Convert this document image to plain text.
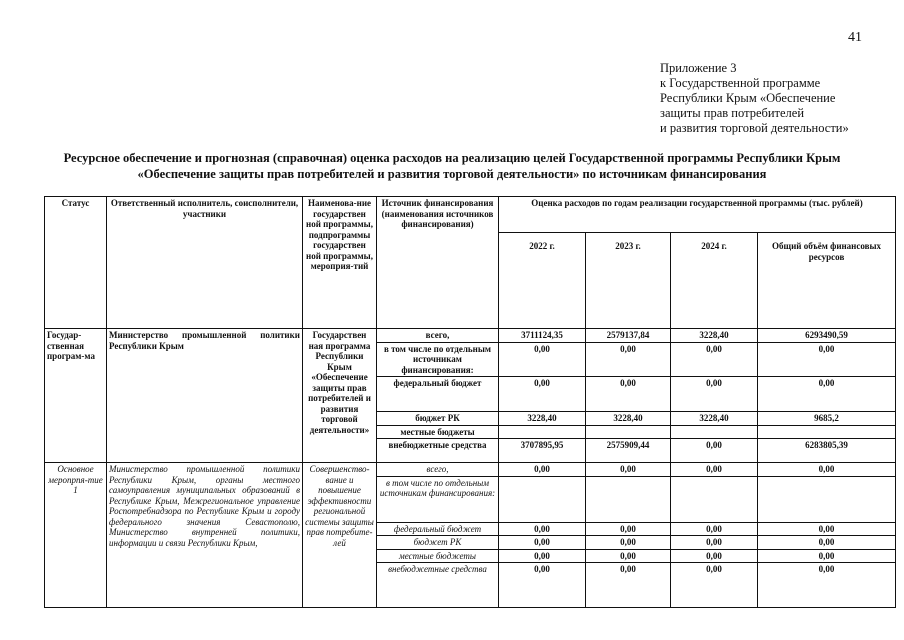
41
Приложение 3
к Государственной программе
Республики Крым «Обеспечение
защиты прав потребителей
и развития торговой деятельности»
Ресурсное обеспечение и прогнозная (справочная) оценка расходов на реализацию целей Государственной программы Республики Крым
«Обеспечение защиты прав потребителей и развития торговой деятельности» по источникам финансирования
Статус	Ответственный исполнитель, соисполнители, участники	Наименова-ние государствен ной программы, подпрограммы государствен ной программы, мероприя-тий	Источник финансирования (наименования источников финансирования)	Оценка расходов по годам реализации государственной программы (тыс. рублей)			
				2022 г.	2023 г.	2024 г.	Общий объём финансовых ресурсов
Государ-ственная програм-ма	Министерство промышленной политики Республики Крым	Государствен ная программа Республики Крым «Обеспечение защиты прав потребителей и развития торговой деятельности»	всего,	3711124,35	2579137,84	3228,40	6293490,59
			в том числе по отдельным источникам финансирования:	0,00	0,00	0,00	0,00
			федеральный бюджет	0,00	0,00	0,00	0,00
			бюджет РК	3228,40	3228,40	3228,40	9685,2
			местные бюджеты				
			внебюджетные средства	3707895,95	2575909,44	0,00	6283805,39
Основное меропрпя-тие 1	Министерство промышленной политики Республики Крым, органы местного самоуправления муниципальных образований в Республике Крым, Межрегиональное управление Роспотребнадзора по Республике Крым и городу федерального значения Севастополю, Министерство внутренней политики, информации и связи Республики Крым,	Совершенство-вание и повышение эффективности региональной системы защиты прав потребите-лей	всего,	0,00	0,00	0,00	0,00
			в том числе по отдельным источникам финансирования:				
			федеральный бюджет	0,00	0,00	0,00	0,00
			бюджет РК	0,00	0,00	0,00	0,00
			местные бюджеты	0,00	0,00	0,00	0,00
			внебюджетные средства	0,00	0,00	0,00	0,00
